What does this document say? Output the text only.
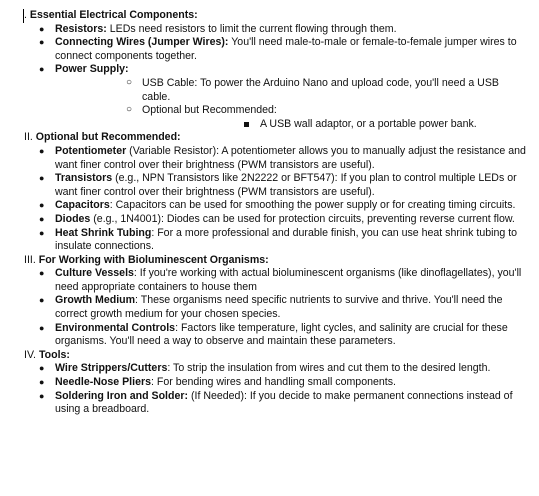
. Essential Electrical Components:
● Resistors: LEDs need resistors to limit the current flowing through them.
● Connecting Wires (Jumper Wires): You'll need male-to-male or female-to-female jumper wires to connect components together.
● Power Supply:
○ USB Cable: To power the Arduino Nano and upload code, you'll need a USB cable.
○ Optional but Recommended:
A USB wall adaptor, or a portable power bank.
II. Optional but Recommended:
● Potentiometer (Variable Resistor): A potentiometer allows you to manually adjust the resistance and want finer control over their brightness (PWM transistors are useful).
● Transistors (e.g., NPN Transistors like 2N2222 or BFT547): If you plan to control multiple LEDs or want finer control over their brightness (PWM transistors are useful).
● Capacitors: Capacitors can be used for smoothing the power supply or for creating timing circuits.
● Diodes (e.g., 1N4001): Diodes can be used for protection circuits, preventing reverse current flow.
● Heat Shrink Tubing: For a more professional and durable finish, you can use heat shrink tubing to insulate connections.
III. For Working with Bioluminescent Organisms:
● Culture Vessels: If you're working with actual bioluminescent organisms (like dinoflagellates), you'll need appropriate containers to house them
● Growth Medium: These organisms need specific nutrients to survive and thrive. You'll need the correct growth medium for your chosen species.
● Environmental Controls: Factors like temperature, light cycles, and salinity are crucial for these organisms. You'll need a way to observe and maintain these parameters.
IV. Tools:
● Wire Strippers/Cutters: To strip the insulation from wires and cut them to the desired length.
● Needle-Nose Pliers: For bending wires and handling small components.
● Soldering Iron and Solder: (If Needed): If you decide to make permanent connections instead of using a breadboard.
